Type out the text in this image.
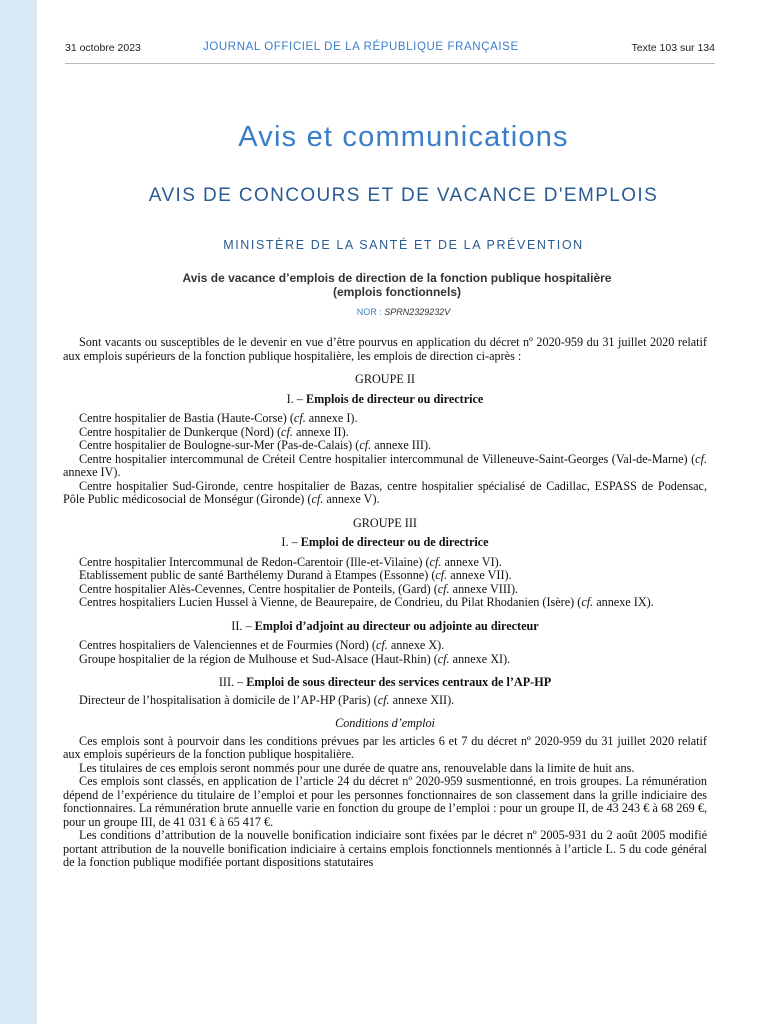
31 octobre 2023	JOURNAL OFFICIEL DE LA RÉPUBLIQUE FRANÇAISE	Texte 103 sur 134
Avis et communications
AVIS DE CONCOURS ET DE VACANCE D'EMPLOIS
MINISTÈRE DE LA SANTÉ ET DE LA PRÉVENTION
Avis de vacance d’emplois de direction de la fonction publique hospitalière
(emplois fonctionnels)
NOR : SPRN2329232V

Sont vacants ou susceptibles de le devenir en vue d’être pourvus en application du décret nº 2020-959 du 31 juillet 2020 relatif aux emplois supérieurs de la fonction publique hospitalière, les emplois de direction ci-après :

GROUPE II

I. – Emplois de directeur ou directrice

Centre hospitalier de Bastia (Haute-Corse) (cf. annexe I).

Centre hospitalier de Dunkerque (Nord) (cf. annexe II).

Centre hospitalier de Boulogne-sur-Mer (Pas-de-Calais) (cf. annexe III).

Centre hospitalier intercommunal de Créteil Centre hospitalier intercommunal de Villeneuve-Saint-Georges (Val-de-Marne) (cf. annexe IV).

Centre hospitalier Sud-Gironde, centre hospitalier de Bazas, centre hospitalier spécialisé de Cadillac, ESPASS de Podensac, Pôle Public médicosocial de Monségur (Gironde) (cf. annexe V).

GROUPE III

I. – Emploi de directeur ou de directrice

Centre hospitalier Intercommunal de Redon-Carentoir (Ille-et-Vilaine) (cf. annexe VI).

Etablissement public de santé Barthélemy Durand à Etampes (Essonne) (cf. annexe VII).

Centre hospitalier Alès-Cevennes, Centre hospitalier de Ponteils, (Gard) (cf. annexe VIII).

Centres hospitaliers Lucien Hussel à Vienne, de Beaurepaire, de Condrieu, du Pilat Rhodanien (Isère) (cf. annexe IX).

II. – Emploi d’adjoint au directeur ou adjointe au directeur

Centres hospitaliers de Valenciennes et de Fourmies (Nord) (cf. annexe X).

Groupe hospitalier de la région de Mulhouse et Sud-Alsace (Haut-Rhin) (cf. annexe XI).

III. – Emploi de sous directeur des services centraux de l’AP-HP

Directeur de l’hospitalisation à domicile de l’AP-HP (Paris) (cf. annexe XII).

Conditions d’emploi

Ces emplois sont à pourvoir dans les conditions prévues par les articles 6 et 7 du décret nº 2020-959 du 31 juillet 2020 relatif aux emplois supérieurs de la fonction publique hospitalière.

Les titulaires de ces emplois seront nommés pour une durée de quatre ans, renouvelable dans la limite de huit ans.

Ces emplois sont classés, en application de l’article 24 du décret nº 2020-959 susmentionné, en trois groupes. La rémunération dépend de l’expérience du titulaire de l’emploi et pour les personnes fonctionnaires de son classement dans la grille indiciaire des fonctionnaires. La rémunération brute annuelle varie en fonction du groupe de l’emploi : pour un groupe II, de 43 243 € à 68 269 €, pour un groupe III, de 41 031 € à 65 417 €.

Les conditions d’attribution de la nouvelle bonification indiciaire sont fixées par le décret nº 2005-931 du 2 août 2005 modifié portant attribution de la nouvelle bonification indiciaire à certains emplois fonctionnels mentionnés à l’article L. 5 du code général de la fonction publique modifiée portant dispositions statutaires
